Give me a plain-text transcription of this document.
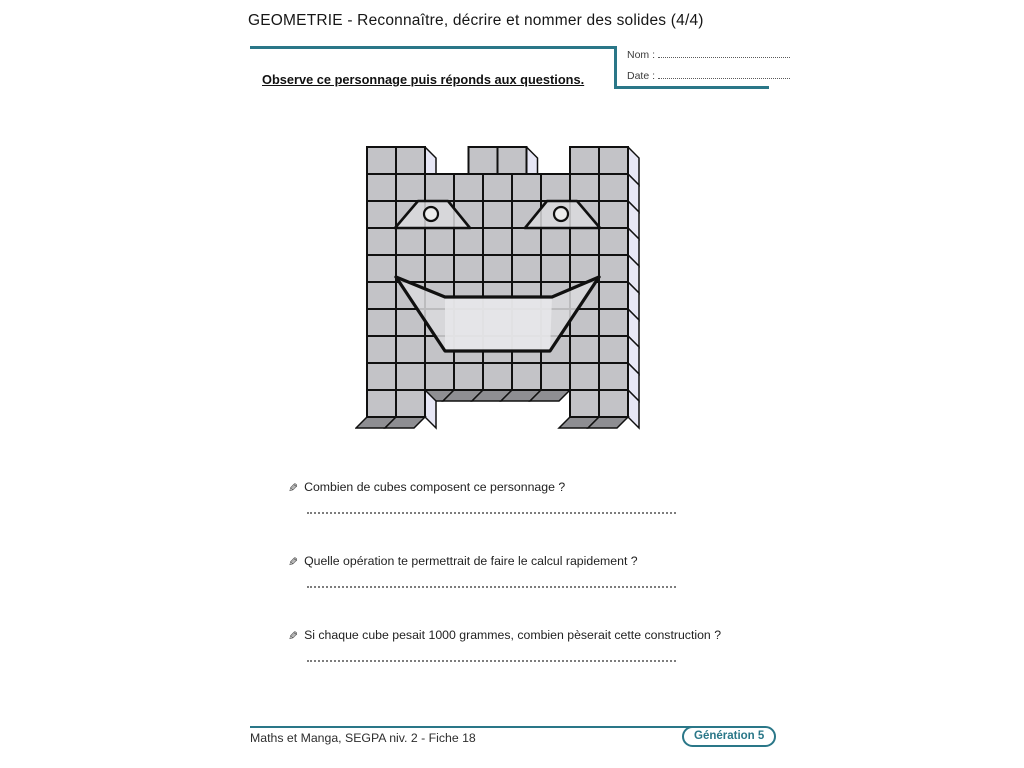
GEOMETRIE - Reconnaître, décrire et nommer des solides (4/4)
Nom :
Date :
Observe ce personnage puis réponds aux questions.
✎ Combien de cubes composent ce personnage ?
✎ Quelle opération te permettrait de faire le calcul rapidement ?
✎ Si chaque cube pesait 1000 grammes, combien pèserait cette construction ?
Maths et Manga, SEGPA niv. 2 - Fiche 18	Génération 5
